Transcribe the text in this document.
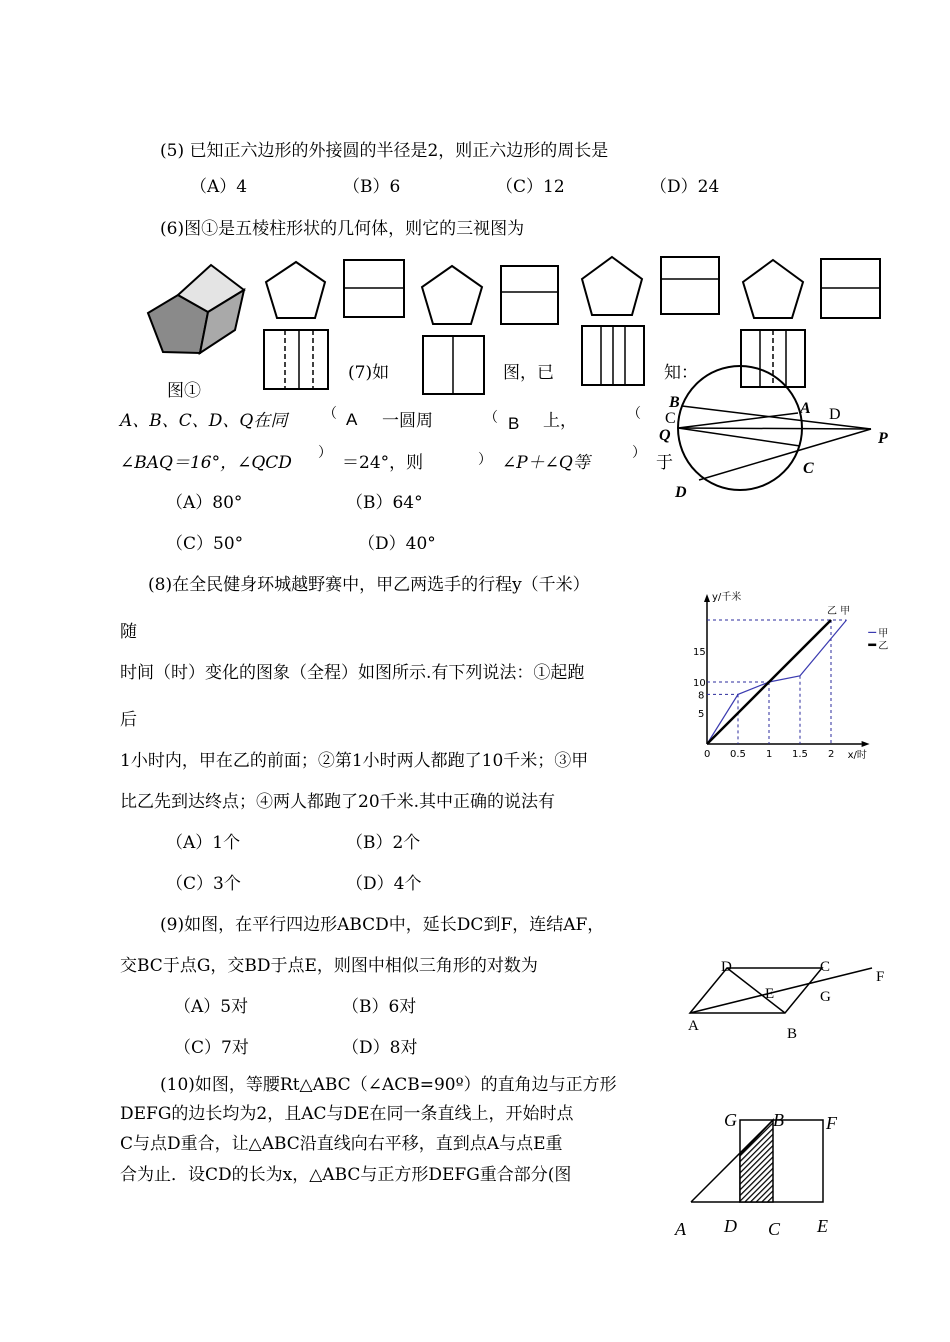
(5) 已知正六边形的外接圆的半径是2，则正六边形的周长是
（A）4	（B）6	（C）12	（D）24
(6)图①是五棱柱形状的几何体，则它的三视图为
图①
(7)如	图，已	知：
A、B、C、D、Q在同	（ A 一圆周	（ B 上，	（
∠BAQ＝16°，∠QCD ） ＝24°，则	） ∠P＋∠Q等	） 于
（A）80°	（B）64°
（C）50°	（D）40°
B	A
C	D
Q	P
C
D
(8)在全民健身环城越野赛中，甲乙两选手的行程y（千米）
随
时间（时）变化的图象（全程）如图所示.有下列说法：①起跑
后
1小时内，甲在乙的前面；②第1小时两人都跑了10千米；③甲
比乙先到达终点；④两人都跑了20千米.其中正确的说法有
（A）1个	（B）2个
（C）3个	（D）4个
y/千米
x/时
0 0.5 1 1.5 2
5
8
10
15
乙 甲
甲
乙
(9)如图，在平行四边形ABCD中，延长DC到F，连结AF，
交BC于点G，交BD于点E，则图中相似三角形的对数为
（A）5对	（B）6对
（C）7对	（D）8对
D	C
F
E	G
A	B
(10)如图，等腰Rt△ABC（∠ACB=90º）的直角边与正方形
DEFG的边长均为2，且AC与DE在同一条直线上，开始时点
C与点D重合，让△ABC沿直线向右平移，直到点A与点E重
合为止．设CD的长为x，△ABC与正方形DEFG重合部分(图
G B F
A D C E
